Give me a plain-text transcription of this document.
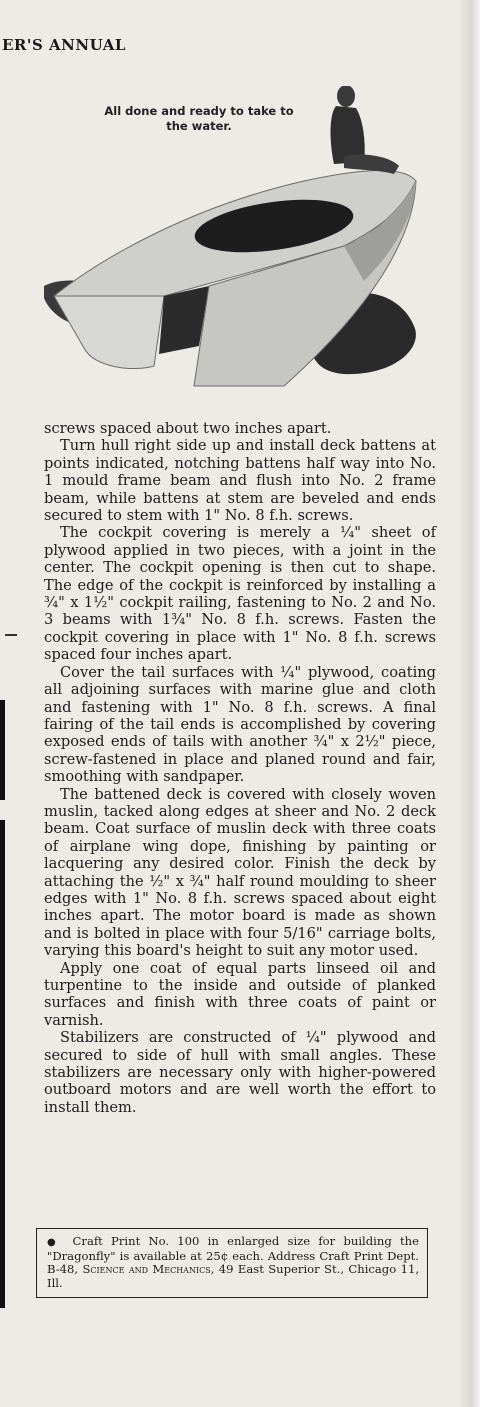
ER'S ANNUAL
All done and ready to take to the water.

screws spaced about two inches apart.

Turn hull right side up and install deck battens at points indicated, notching battens half way into No. 1 mould frame beam and flush into No. 2 frame beam, while battens at stem are beveled and ends secured to stem with 1" No. 8 f.h. screws.

The cockpit covering is merely a ¼" sheet of plywood applied in two pieces, with a joint in the center. The cockpit opening is then cut to shape. The edge of the cockpit is reinforced by installing a ¾" x 1½" cockpit railing, fastening to No. 2 and No. 3 beams with 1¾" No. 8 f.h. screws. Fasten the cockpit covering in place with 1" No. 8 f.h. screws spaced four inches apart.

Cover the tail surfaces with ¼" plywood, coating all adjoining surfaces with marine glue and cloth and fastening with 1" No. 8 f.h. screws. A final fairing of the tail ends is accomplished by covering exposed ends of tails with another ¾" x 2½" piece, screw-fastened in place and planed round and fair, smoothing with sandpaper.

The battened deck is covered with closely woven muslin, tacked along edges at sheer and No. 2 deck beam. Coat surface of muslin deck with three coats of airplane wing dope, finishing by painting or lacquering any desired color. Finish the deck by attaching the ½" x ¾" half round moulding to sheer edges with 1" No. 8 f.h. screws spaced about eight inches apart. The motor board is made as shown and is bolted in place with four 5/16" carriage bolts, varying this board's height to suit any motor used.

Apply one coat of equal parts linseed oil and turpentine to the inside and outside of planked surfaces and finish with three coats of paint or varnish.

Stabilizers are constructed of ¼" plywood and secured to side of hull with small angles. These stabilizers are necessary only with higher-powered outboard motors and are well worth the effort to install them.

● Craft Print No. 100 in enlarged size for building the "Dragonfly" is available at 25¢ each. Address Craft Print Dept. B-48, Science and Mechanics, 49 East Superior St., Chicago 11, Ill.
